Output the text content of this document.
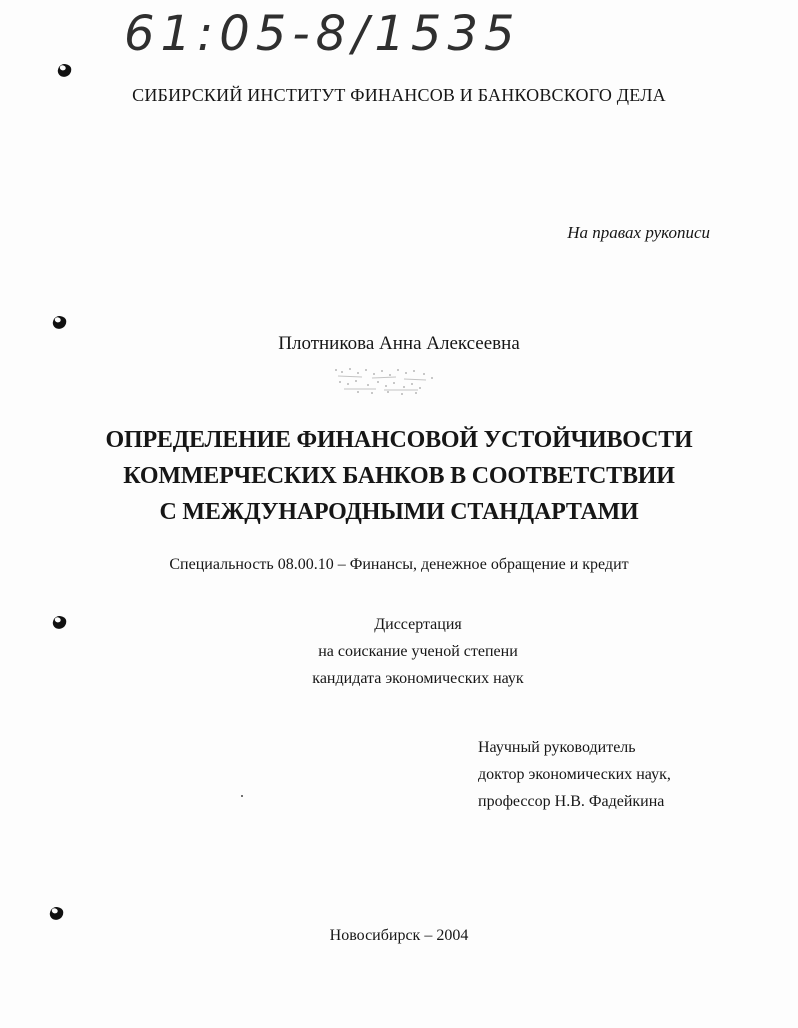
61:05-8/1535
СИБИРСКИЙ ИНСТИТУТ ФИНАНСОВ И БАНКОВСКОГО ДЕЛА
На правах рукописи
Плотникова Анна Алексеевна
ОПРЕДЕЛЕНИЕ ФИНАНСОВОЙ УСТОЙЧИВОСТИ
КОММЕРЧЕСКИХ БАНКОВ В СООТВЕТСТВИИ
С МЕЖДУНАРОДНЫМИ СТАНДАРТАМИ
Специальность 08.00.10 – Финансы, денежное обращение и кредит
Диссертация
на соискание ученой степени
кандидата экономических наук
Научный руководитель
доктор экономических наук,
профессор Н.В. Фадейкина
Новосибирск – 2004
